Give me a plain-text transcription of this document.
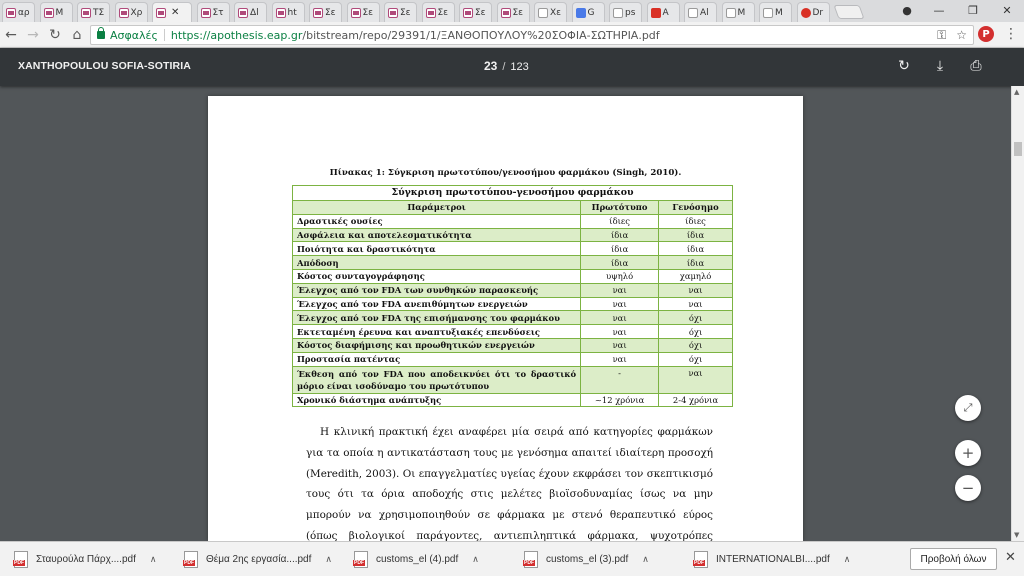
αρ	M	TΣ	Χρ	✕	Στ	Δl	ht	Σε	Σε	Σε	Σε	Σε	Σε	Χε	G	ps	A	Al	M	M	Dr	●	—	❐	✕
← → ↻ ⌂	Ασφαλές https://apothesis.eap.gr /bitstream/repo/29391/1/ΞΑΝΘΟΠΟΥΛΟΥ%20ΣΟΦΙΑ-ΣΩΤΗΡΙΑ.pdf	⚿ ☆	P	⋮
XANTHOPOULOU SOFIA-SOTIRIA	23 / 123	↻	⤓	⎙
Πίνακας 1: Σύγκριση πρωτοτύπου/γενοσήμου φαρμάκου (Singh, 2010).
Σύγκριση πρωτοτύπου-γενοσήμου φαρμάκου		
Παράμετροι	Πρωτότυπο	Γενόσημο
Δραστικές ουσίες	ίδιες	ίδιες
Ασφάλεια και αποτελεσματικότητα	ίδια	ίδια
Ποιότητα και δραστικότητα	ίδια	ίδια
Απόδοση	ίδια	ίδια
Κόστος συνταγογράφησης	υψηλό	χαμηλό
Έλεγχος από τον FDA των συνθηκών παρασκευής	ναι	ναι
Έλεγχος από τον FDA ανεπιθύμητων ενεργειών	ναι	ναι
Έλεγχος από τον FDA της επισήμανσης του φαρμάκου	ναι	όχι
Εκτεταμένη έρευνα και αναπτυξιακές επενδύσεις	ναι	όχι
Κόστος διαφήμισης και προωθητικών ενεργειών	ναι	όχι
Προστασία πατέντας	ναι	όχι
Έκθεση από τον FDA που αποδεικνύει ότι το δραστικό μόριο είναι ισοδύναμο του πρωτότυπου	-	ναι
Χρονικό διάστημα ανάπτυξης	~12 χρόνια	2-4 χρόνια
Η κλινική πρακτική έχει αναφέρει μία σειρά από κατηγορίες φαρμάκων για τα οποία η αντικατάσταση τους με γενόσημα απαιτεί ιδιαίτερη προσοχή (Meredith, 2003). Οι επαγγελματίες υγείας έχουν εκφράσει τον σκεπτικισμό τους ότι τα όρια αποδοχής στις μελέτες βιοϊσοδυναμίας ίσως να μην μπορούν να χρησιμοποιηθούν σε φάρμακα με στενό θεραπευτικό εύρος (όπως βιολογικοί παράγοντες, αντιεπιληπτικά φάρμακα, ψυχοτρόπες
▲
▼
⤢
+
−
PDF
Σταυρούλα Πάρχ....pdf ∧ PDF	Θέμα 2ης εργασία....pdf ∧ PDF	customs_el (4).pdf ∧ PDF	customs_el (3).pdf ∧ PDF	INTERNATIONALBI....pdf ∧	Προβολή όλων	✕
